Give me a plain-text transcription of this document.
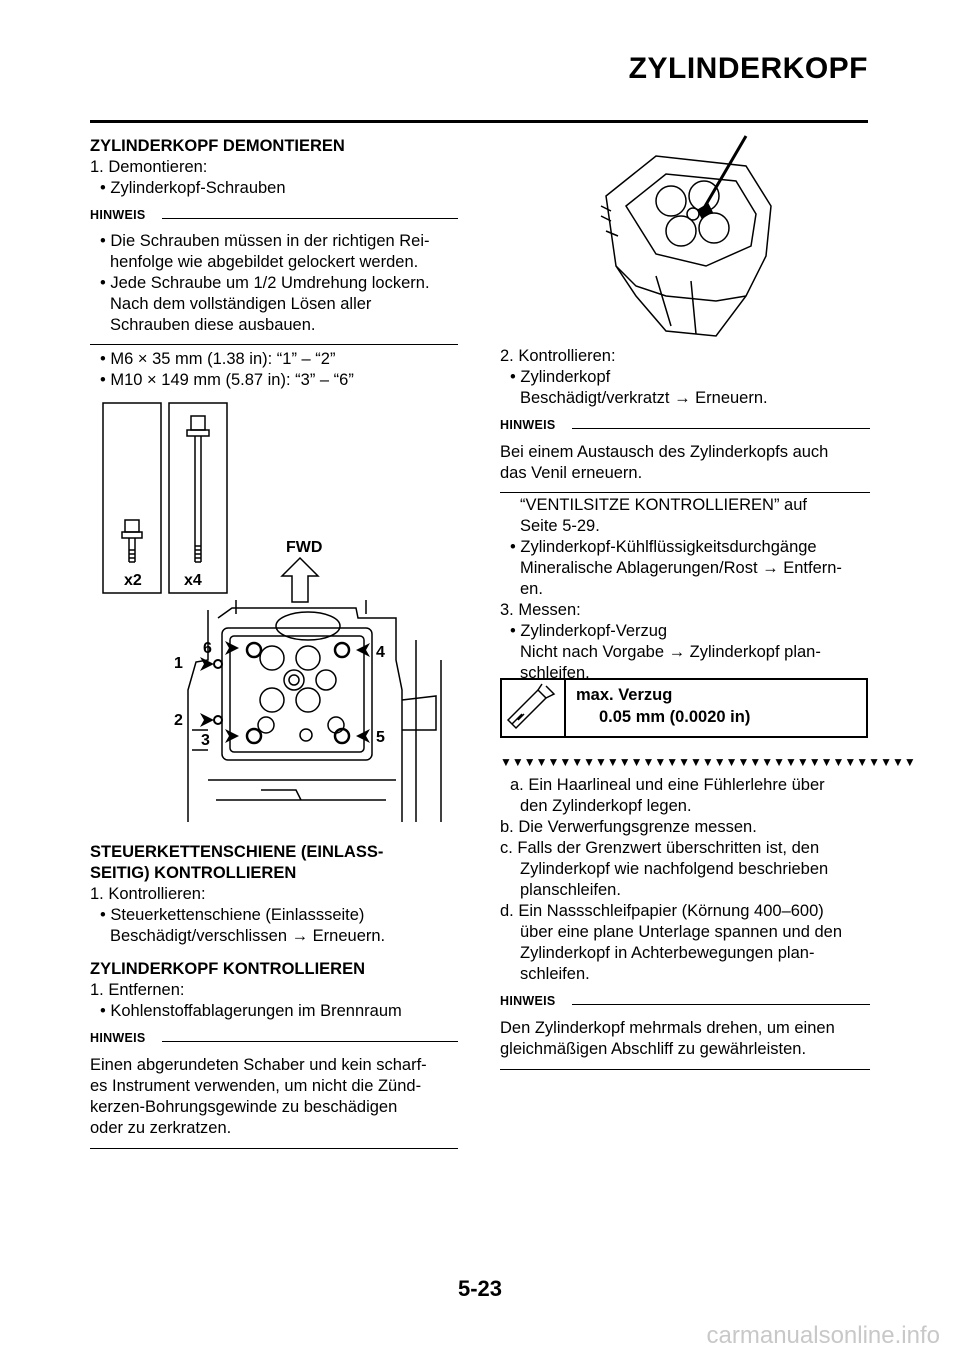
ZYLINDERKOPF
ZYLINDERKOPF DEMONTIEREN
1. Demontieren:
• Zylinderkopf-Schrauben
HINWEIS
• Die Schrauben müssen in der richtigen Rei-
henfolge wie abgebildet gelockert werden.
• Jede Schraube um 1/2 Umdrehung lockern.
Nach dem vollständigen Lösen aller
Schrauben diese ausbauen.
• M6 × 35 mm (1.38 in): “1” – “2”
• M10 × 149 mm (5.87 in): “3” – “6”
x2	x4
FWD
1
2
3
4
5
6
STEUERKETTENSCHIENE (EINLASS-
SEITIG) KONTROLLIEREN
1. Kontrollieren:
• Steuerkettenschiene (Einlassseite)
Beschädigt/verschlissen → Erneuern.
ZYLINDERKOPF KONTROLLIEREN
1. Entfernen:
• Kohlenstoffablagerungen im Brennraum
HINWEIS
Einen abgerundeten Schaber und kein scharf-
es Instrument verwenden, um nicht die Zünd-
kerzen-Bohrungsgewinde zu beschädigen
oder zu zerkratzen.
2. Kontrollieren:
• Zylinderkopf
Beschädigt/verkratzt → Erneuern.
HINWEIS
Bei einem Austausch des Zylinderkopfs auch
das Venil erneuern.
“VENTILSITZE KONTROLLIEREN” auf
Seite 5-29.
• Zylinderkopf-Kühlflüssigkeitsdurchgänge
Mineralische Ablagerungen/Rost → Entfern-
en.
3. Messen:
• Zylinderkopf-Verzug
Nicht nach Vorgabe → Zylinderkopf plan-
schleifen.
max. Verzug
0.05 mm (0.0020 in)
▼▼▼▼▼▼▼▼▼▼▼▼▼▼▼▼▼▼▼▼▼▼▼▼▼▼▼▼▼▼▼▼▼▼▼
a. Ein Haarlineal und eine Fühlerlehre über
den Zylinderkopf legen.
b. Die Verwerfungsgrenze messen.
c. Falls der Grenzwert überschritten ist, den
Zylinderkopf wie nachfolgend beschrieben
planschleifen.
d. Ein Nassschleifpapier (Körnung 400–600)
über eine plane Unterlage spannen und den
Zylinderkopf in Achterbewegungen plan-
schleifen.
HINWEIS
Den Zylinderkopf mehrmals drehen, um einen
gleichmäßigen Abschliff zu gewährleisten.
5-23
carmanualsonline.info
